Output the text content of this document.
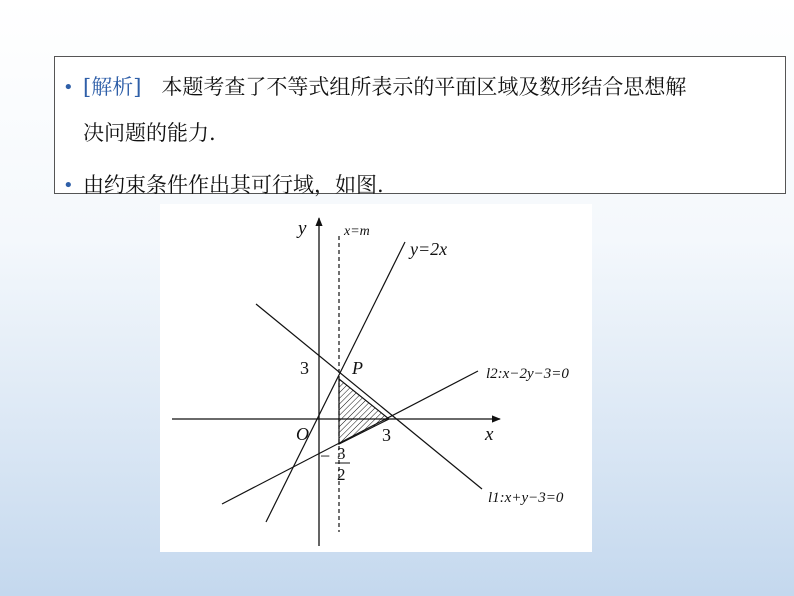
• [解析] 本题考查了不等式组所表示的平面区域及数形结合思想解
决问题的能力.
• 由约束条件作出其可行域，如图.
y
x
O
x=m
y=2x
l2:x−2y−3=0
l1:x+y−3=0
P
3
3
− 3
2
